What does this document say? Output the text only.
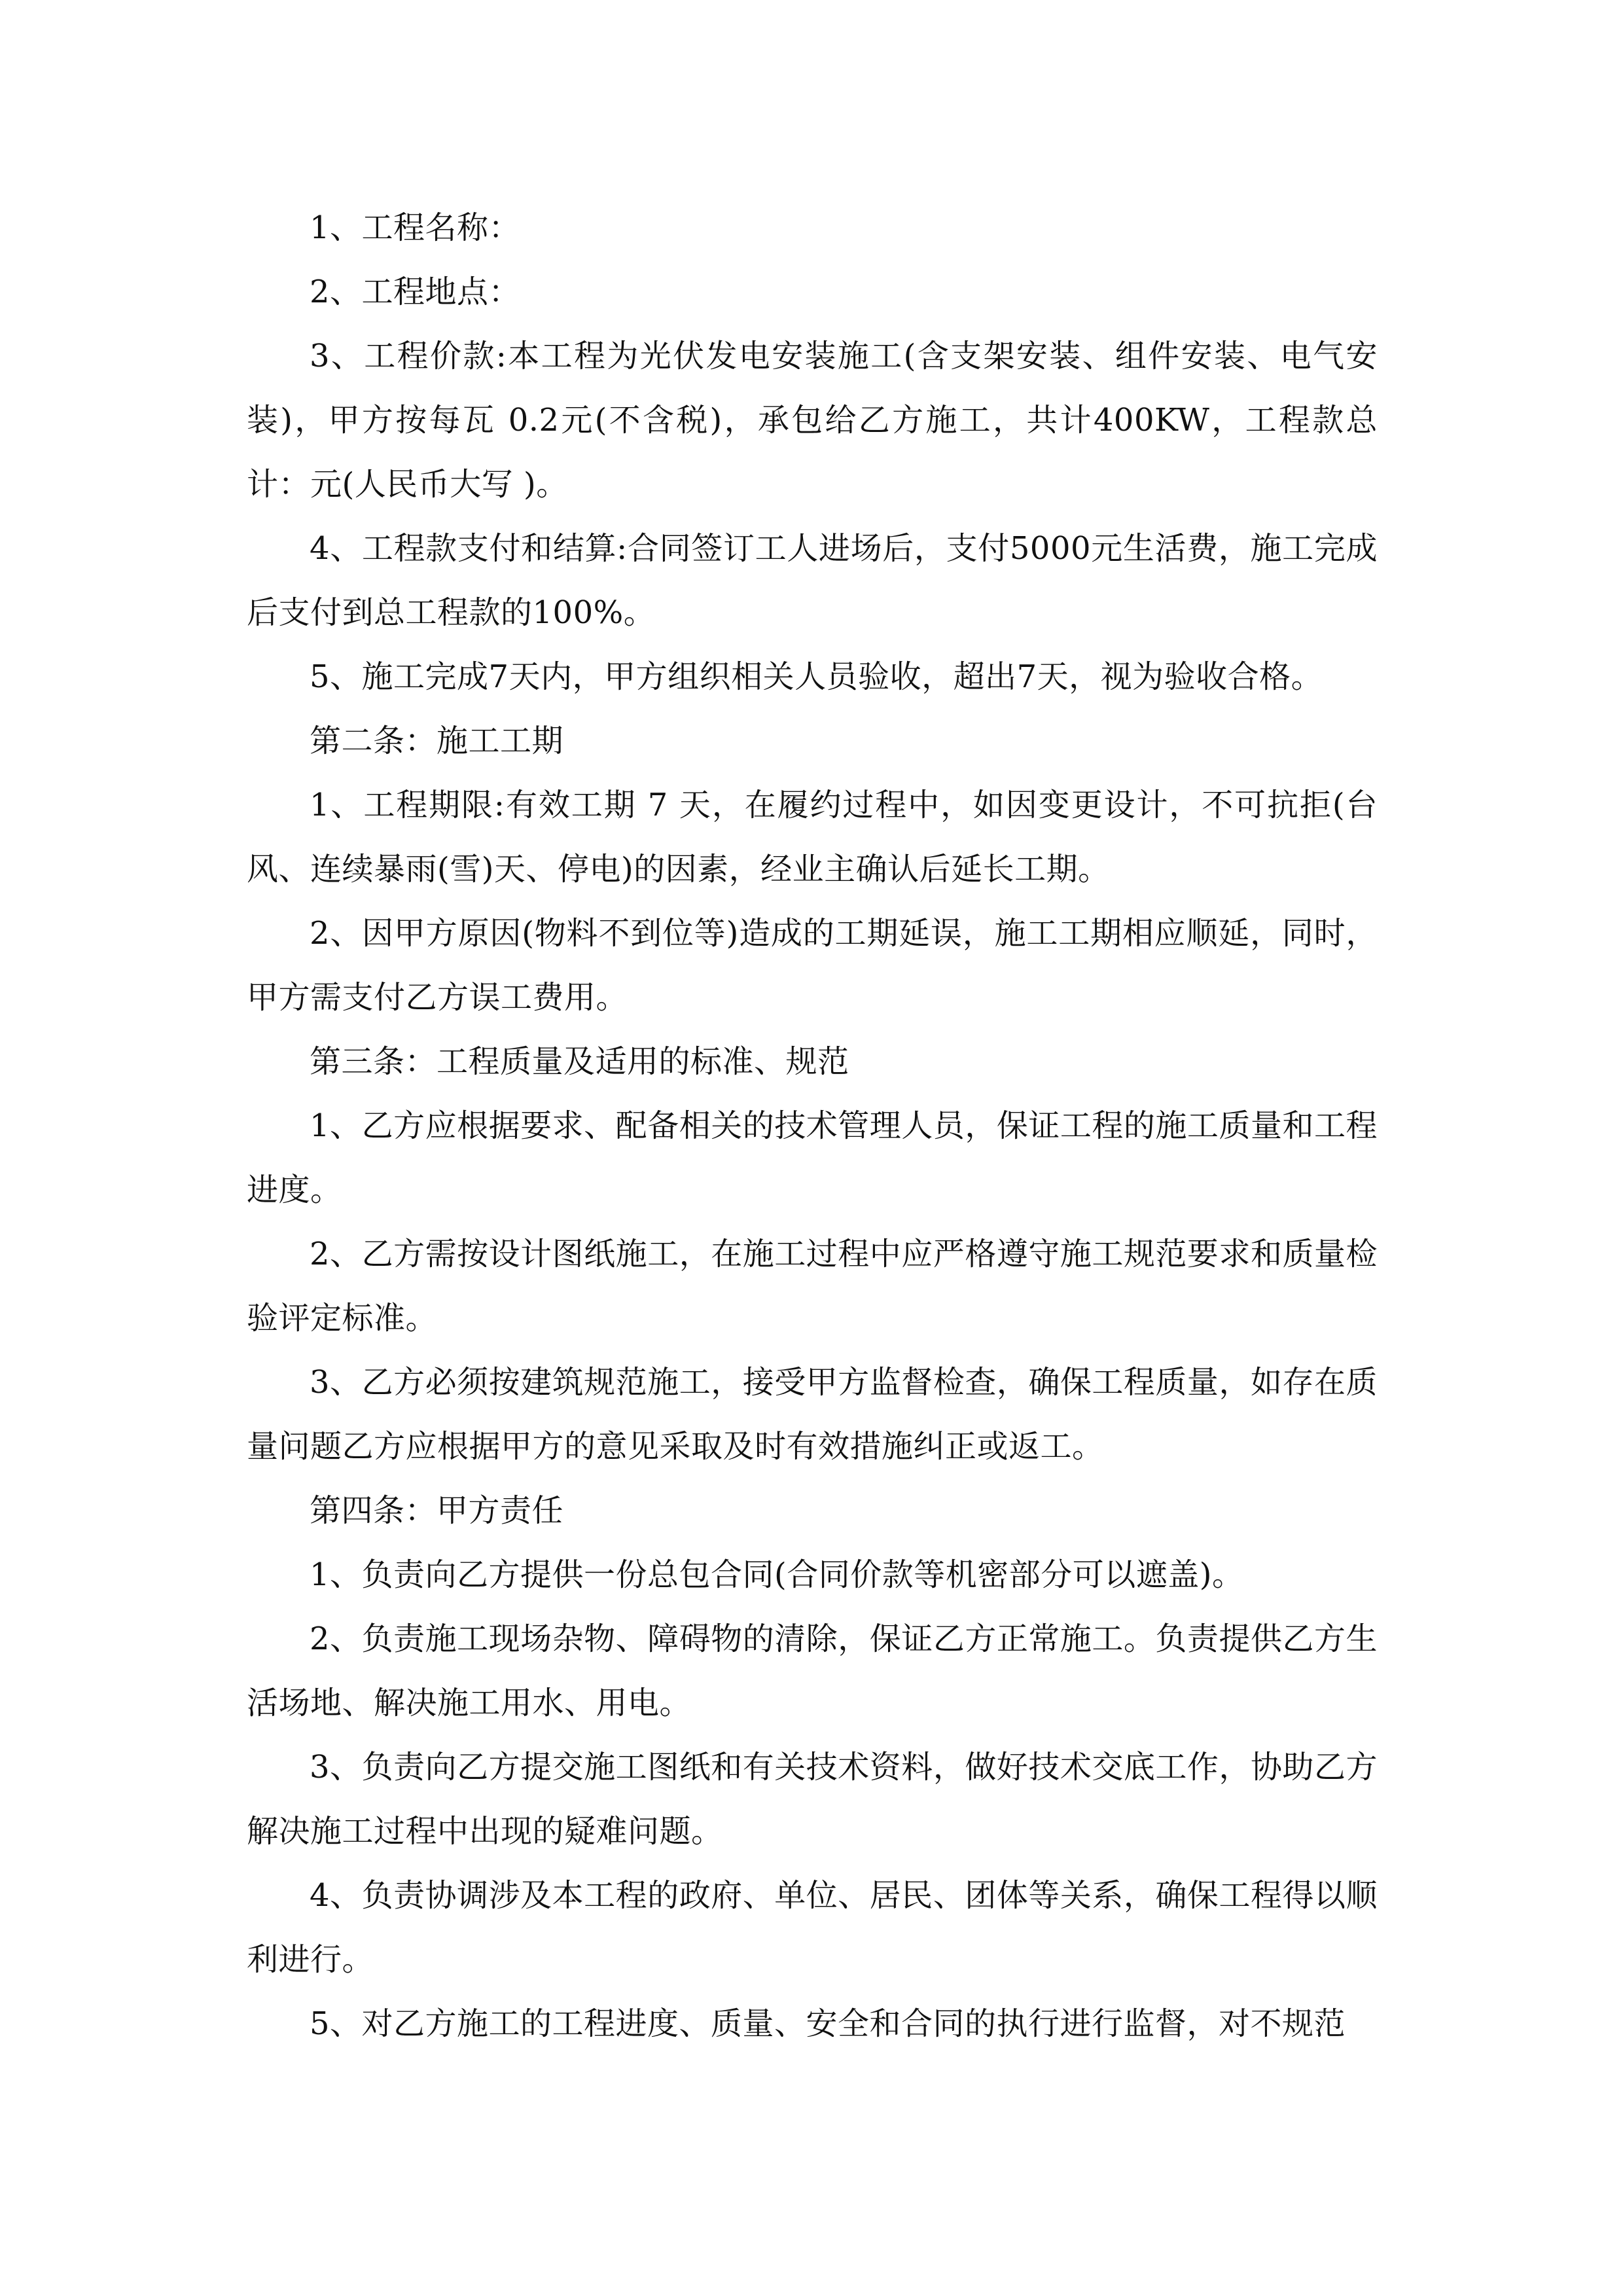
1、工程名称：

2、工程地点：

3、工程价款:本工程为光伏发电安装施工(含支架安装、组件安装、电气安装)，甲方按每瓦 0.2元(不含税)，承包给乙方施工，共计400KW，工程款总计：元(人民币大写 )。

4、工程款支付和结算:合同签订工人进场后，支付5000元生活费，施工完成后支付到总工程款的100%。

5、施工完成7天内，甲方组织相关人员验收，超出7天，视为验收合格。

第二条：施工工期

1、工程期限:有效工期 7 天，在履约过程中，如因变更设计，不可抗拒(台风、连续暴雨(雪)天、停电)的因素，经业主确认后延长工期。

2、因甲方原因(物料不到位等)造成的工期延误，施工工期相应顺延，同时，甲方需支付乙方误工费用。

第三条：工程质量及适用的标准、规范

1、乙方应根据要求、配备相关的技术管理人员，保证工程的施工质量和工程进度。

2、乙方需按设计图纸施工，在施工过程中应严格遵守施工规范要求和质量检验评定标准。

3、乙方必须按建筑规范施工，接受甲方监督检查，确保工程质量，如存在质量问题乙方应根据甲方的意见采取及时有效措施纠正或返工。

第四条：甲方责任

1、负责向乙方提供一份总包合同(合同价款等机密部分可以遮盖)。

2、负责施工现场杂物、障碍物的清除，保证乙方正常施工。负责提供乙方生活场地、解决施工用水、用电。

3、负责向乙方提交施工图纸和有关技术资料，做好技术交底工作，协助乙方解决施工过程中出现的疑难问题。

4、负责协调涉及本工程的政府、单位、居民、团体等关系，确保工程得以顺利进行。

5、对乙方施工的工程进度、质量、安全和合同的执行进行监督，对不规范
